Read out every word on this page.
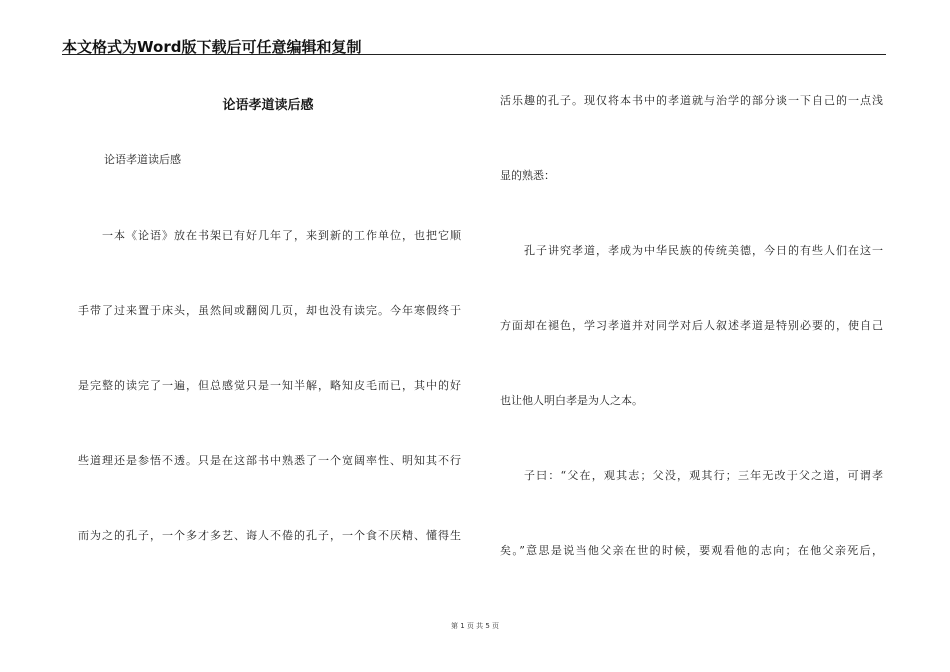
本文格式为Word版下载后可任意编辑和复制
论语孝道读后感
论语孝道读后感
一本《论语》放在书架已有好几年了，来到新的工作单位，也把它顺
手带了过来置于床头，虽然间或翻阅几页，却也没有读完。今年寒假终于
是完整的读完了一遍，但总感觉只是一知半解，略知皮毛而已，其中的好
些道理还是参悟不透。只是在这部书中熟悉了一个宽阔率性、明知其不行
而为之的孔子，一个多才多艺、诲人不倦的孔子，一个食不厌精、懂得生
活乐趣的孔子。现仅将本书中的孝道就与治学的部分谈一下自己的一点浅
显的熟悉：
孔子讲究孝道，孝成为中华民族的传统美德，今日的有些人们在这一
方面却在褪色，学习孝道并对同学对后人叙述孝道是特别必要的，使自己
也让他人明白孝是为人之本。
子曰：“父在，观其志；父没，观其行；三年无改于父之道，可谓孝
矣。”意思是说当他父亲在世的时候，要观看他的志向；在他父亲死后，
第 1 页 共 5 页
